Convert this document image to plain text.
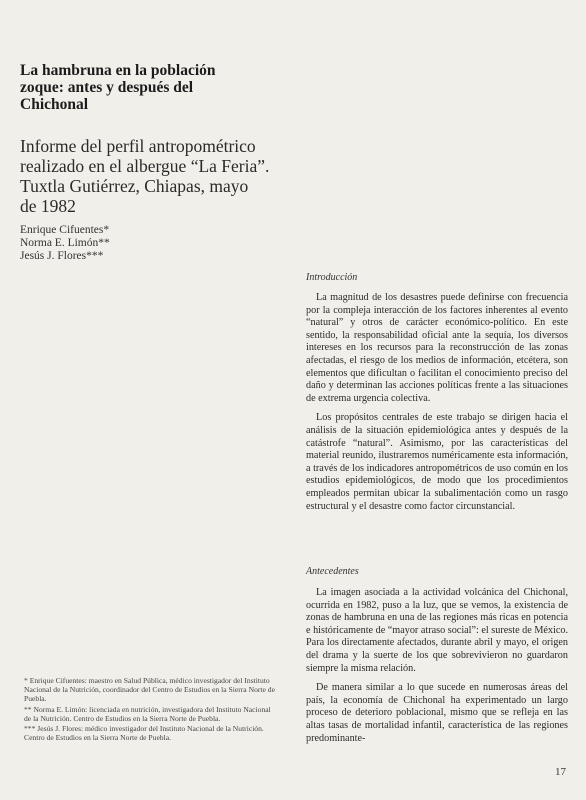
La hambruna en la población
zoque: antes y después del
Chichonal
Informe del perfil antropométrico
realizado en el albergue “La Feria”.
Tuxtla Gutiérrez, Chiapas, mayo
de 1982
Enrique Cifuentes*
Norma E. Limón**
Jesús J. Flores***
Introducción

La magnitud de los desastres puede definirse con frecuencia por la compleja interacción de los factores inherentes al evento “natural” y otros de carácter económico-político. En este sentido, la responsabilidad oficial ante la sequía, los diversos intereses en los recursos para la reconstrucción de las zonas afectadas, el riesgo de los medios de información, etcétera, son elementos que dificultan o facilitan el conocimiento preciso del daño y determinan las acciones políticas frente a las situaciones de extrema urgencia colectiva.

Los propósitos centrales de este trabajo se dirigen hacia el análisis de la situación epidemiológica antes y después de la catástrofe “natural”. Asimismo, por las características del material reunido, ilustraremos numéricamente esta información, a través de los indicadores antropométricos de uso común en los estudios epidemiológicos, de modo que los procedimientos empleados permitan ubicar la subalimentación como un rasgo estructural y el desastre como factor circunstancial.

Antecedentes

La imagen asociada a la actividad volcánica del Chichonal, ocurrida en 1982, puso a la luz, que se vemos, la existencia de zonas de hambruna en una de las regiones más ricas en potencia e históricamente de “mayor atraso social”: el sureste de México. Para los directamente afectados, durante abril y mayo, el origen del drama y la suerte de los que sobrevivieron no guardaron siempre la misma relación.

De manera similar a lo que sucede en numerosas áreas del país, la economía de Chichonal ha experimentado un largo proceso de deterioro poblacional, mismo que se refleja en las altas tasas de mortalidad infantil, característica de las regiones predominante-

* Enrique Cifuentes: maestro en Salud Pública, médico investigador del Instituto Nacional de la Nutrición, coordinador del Centro de Estudios en la Sierra Norte de Puebla.

** Norma E. Limón: licenciada en nutrición, investigadora del Instituto Nacional de la Nutrición. Centro de Estudios en la Sierra Norte de Puebla.

*** Jesús J. Flores: médico investigador del Instituto Nacional de la Nutrición. Centro de Estudios en la Sierra Norte de Puebla.

17
